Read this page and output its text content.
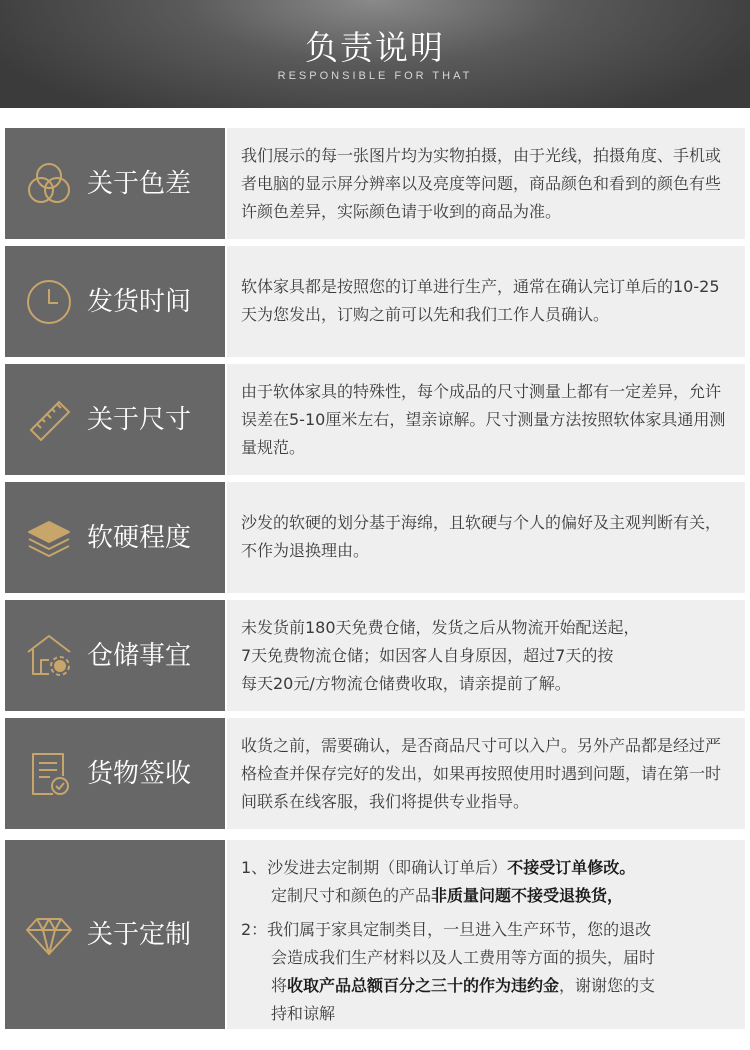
负责说明
RESPONSIBLE FOR THAT
关于色差
我们展示的每一张图片均为实物拍摄，由于光线，拍摄角度、手机或者电脑的显示屏分辨率以及亮度等问题，商品颜色和看到的颜色有些许颜色差异，实际颜色请于收到的商品为准。
发货时间	软体家具都是按照您的订单进行生产，通常在确认完订单后的10-25天为您发出，订购之前可以先和我们工作人员确认。
关于尺寸
由于软体家具的特殊性，每个成品的尺寸测量上都有一定差异，允许误差在5-10厘米左右，望亲谅解。尺寸测量方法按照软体家具通用测量规范。
软硬程度	沙发的软硬的划分基于海绵，且软硬与个人的偏好及主观判断有关，不作为退换理由。
仓储事宜

未发货前180天免费仓储，发货之后从物流开始配送起，

7天免费物流仓储；如因客人自身原因，超过7天的按

每天20元/方物流仓储费收取，请亲提前了解。

货物签收
收货之前，需要确认，是否商品尺寸可以入户。另外产品都是经过严格检查并保存完好的发出，如果再按照使用时遇到问题，请在第一时间联系在线客服，我们将提供专业指导。
关于定制

1、沙发进去定制期（即确认订单后）不接受订单修改。

定制尺寸和颜色的产品非质量问题不接受退换货，

2：我们属于家具定制类目，一旦进入生产环节，您的退改

会造成我们生产材料以及人工费用等方面的损失，届时

将收取产品总额百分之三十的作为违约金，谢谢您的支

持和谅解
